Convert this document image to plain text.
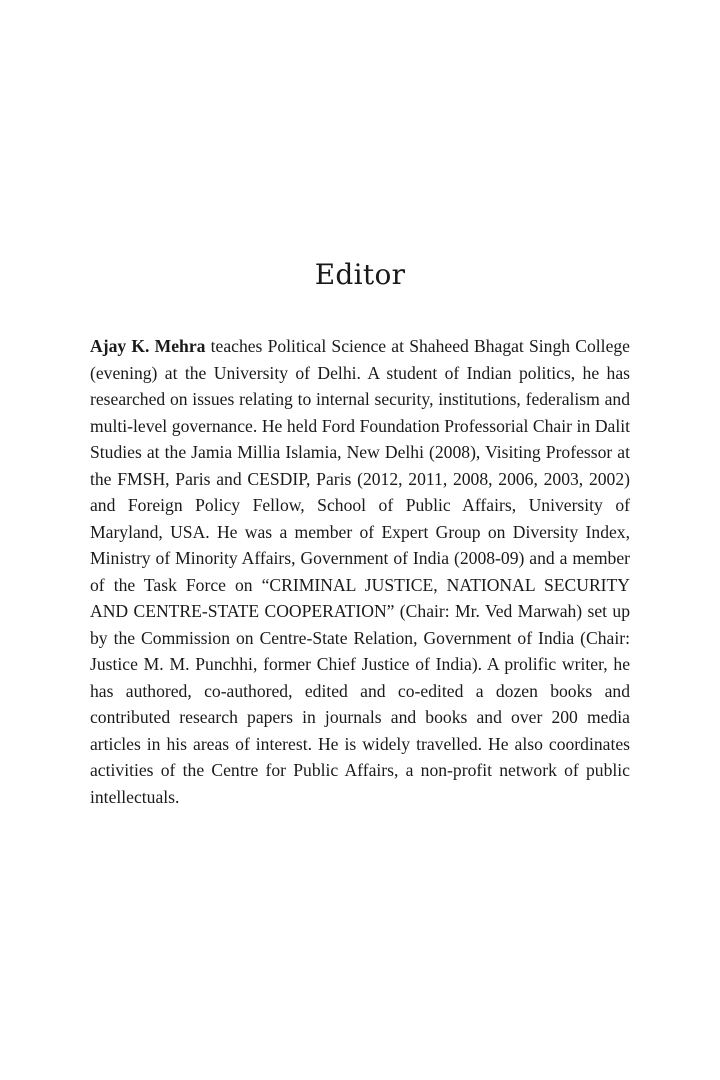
Editor

Ajay K. Mehra teaches Political Science at Shaheed Bhagat Singh College (evening) at the University of Delhi. A student of Indian politics, he has researched on issues relating to internal security, institutions, federalism and multi-level governance. He held Ford Foundation Professorial Chair in Dalit Studies at the Jamia Millia Islamia, New Delhi (2008), Visiting Professor at the FMSH, Paris and CESDIP, Paris (2012, 2011, 2008, 2006, 2003, 2002) and Foreign Policy Fellow, School of Public Affairs, University of Maryland, USA. He was a member of Expert Group on Diversity Index, Ministry of Minority Affairs, Government of India (2008-09) and a member of the Task Force on “CRIMINAL JUSTICE, NATIONAL SECURITY AND CENTRE-STATE COOPERATION” (Chair: Mr. Ved Marwah) set up by the Commission on Centre-State Relation, Government of India (Chair: Justice M. M. Punchhi, former Chief Justice of India). A prolific writer, he has authored, co-authored, edited and co-edited a dozen books and contributed research papers in journals and books and over 200 media articles in his areas of interest. He is widely travelled. He also coordinates activities of the Centre for Public Affairs, a non-profit network of public intellectuals.
